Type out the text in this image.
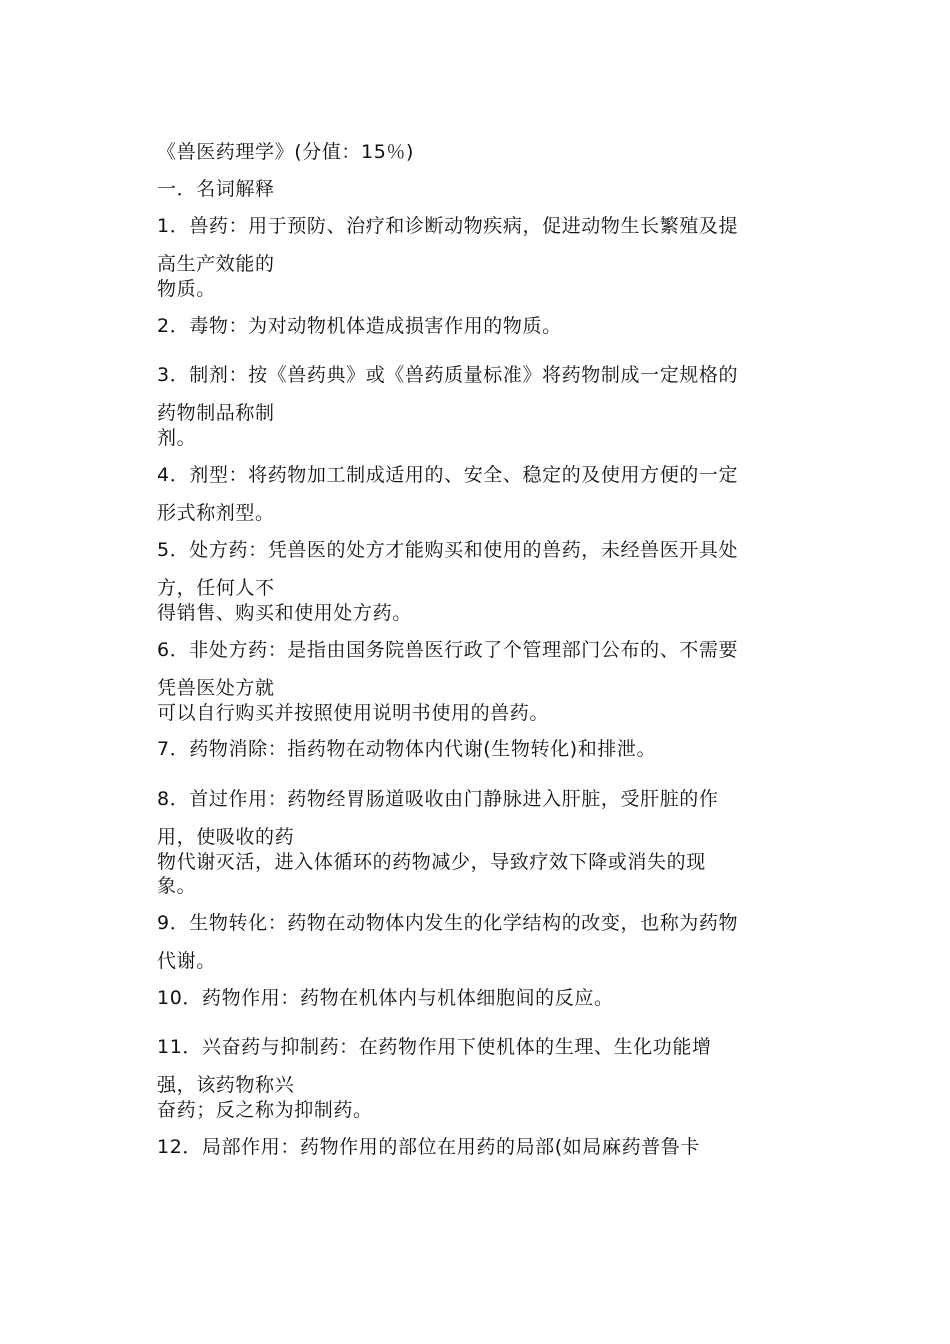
《兽医药理学》(分值：15％)
一．名词解释
1．兽药：用于预防、治疗和诊断动物疾病，促进动物生长繁殖及提
高生产效能的
物质。
2．毒物：为对动物机体造成损害作用的物质。
3．制剂：按《兽药典》或《兽药质量标准》将药物制成一定规格的
药物制品称制
剂。
4．剂型：将药物加工制成适用的、安全、稳定的及使用方便的一定
形式称剂型。
5．处方药：凭兽医的处方才能购买和使用的兽药，未经兽医开具处
方，任何人不
得销售、购买和使用处方药。
6．非处方药：是指由国务院兽医行政了个管理部门公布的、不需要
凭兽医处方就
可以自行购买并按照使用说明书使用的兽药。
7．药物消除：指药物在动物体内代谢(生物转化)和排泄。
8．首过作用：药物经胃肠道吸收由门静脉进入肝脏，受肝脏的作
用，使吸收的药
物代谢灭活，进入体循环的药物减少，导致疗效下降或消失的现
象。
9．生物转化：药物在动物体内发生的化学结构的改变，也称为药物
代谢。
10．药物作用：药物在机体内与机体细胞间的反应。
11．兴奋药与抑制药：在药物作用下使机体的生理、生化功能增
强，该药物称兴
奋药；反之称为抑制药。
12．局部作用：药物作用的部位在用药的局部(如局麻药普鲁卡
